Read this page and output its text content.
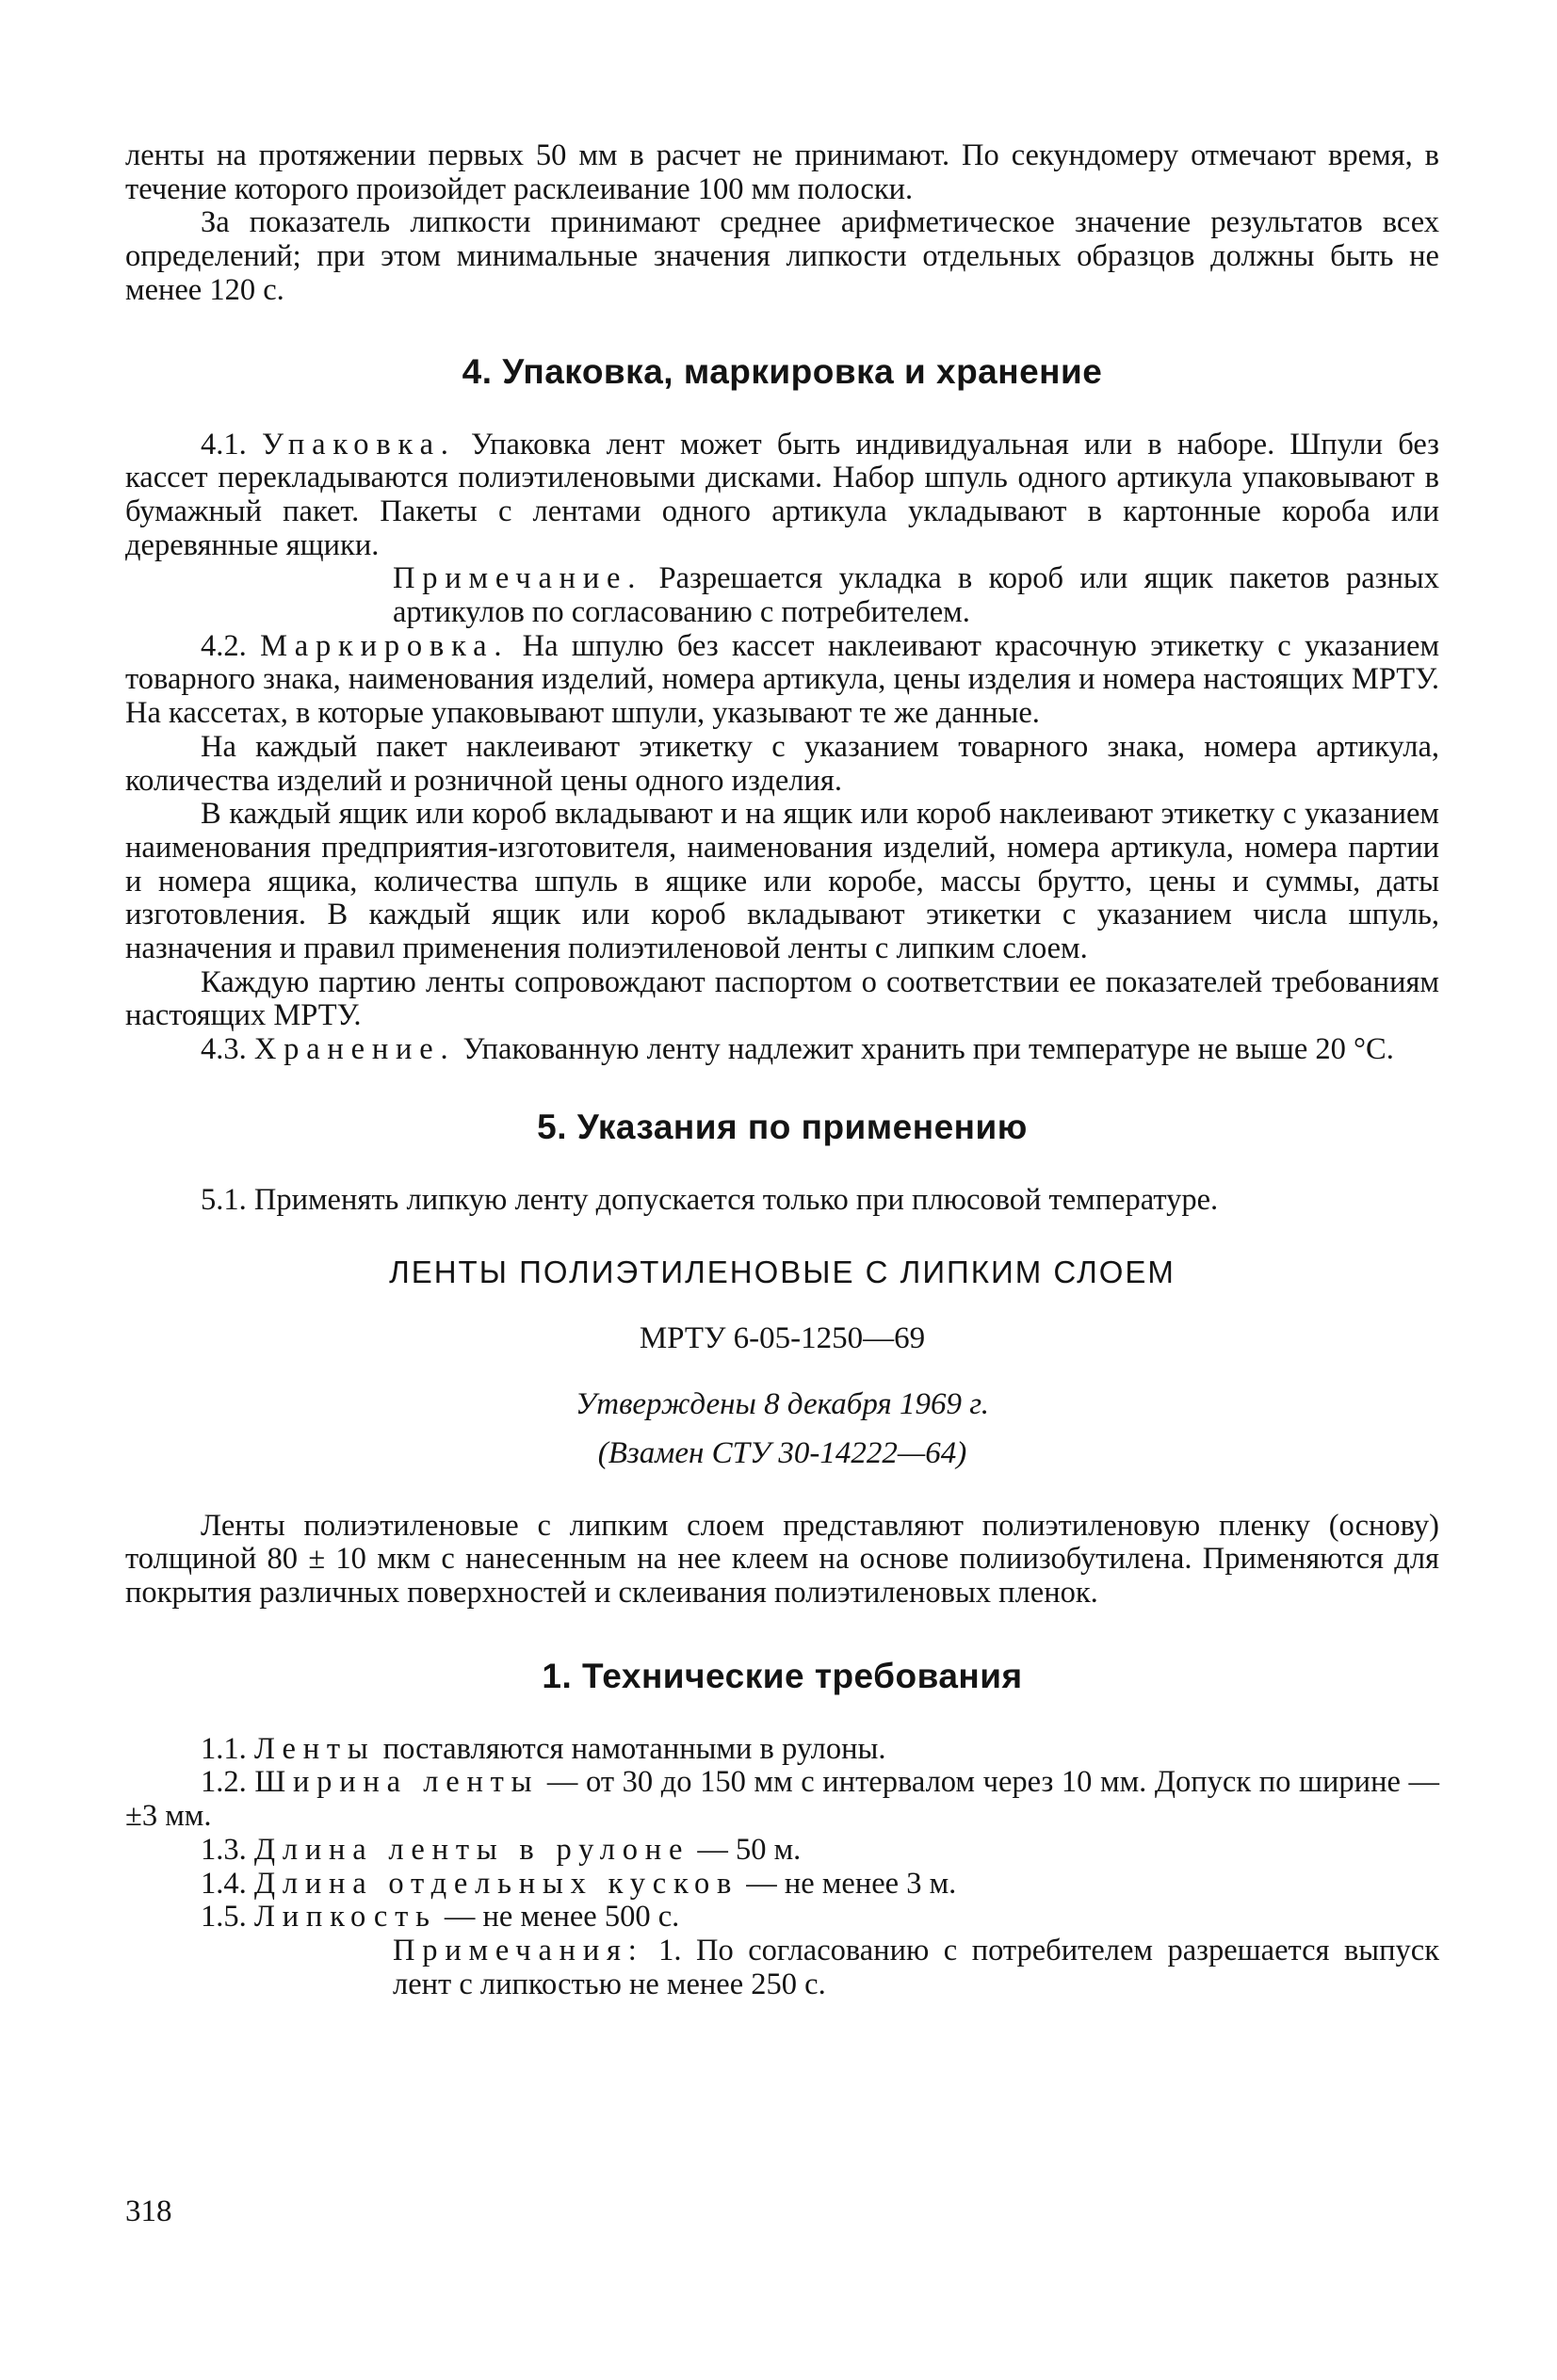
ленты на протяжении первых 50 мм в расчет не принимают. По секундомеру отмечают время, в течение которого произойдет расклеивание 100 мм полоски.

За показатель липкости принимают среднее арифметическое значение результатов всех определений; при этом минимальные значения липкости отдельных образцов должны быть не менее 120 с.

4. Упаковка, маркировка и хранение

4.1. Упаковка. Упаковка лент может быть индивидуальная или в наборе. Шпули без кассет перекладываются полиэтиленовыми дисками. Набор шпуль одного артикула упаковывают в бумажный пакет. Пакеты с лентами одного артикула укладывают в картонные короба или деревянные ящики.

Примечание. Разрешается укладка в короб или ящик пакетов разных артикулов по согласованию с потребителем.

4.2. Маркировка. На шпулю без кассет наклеивают красочную этикетку с указанием товарного знака, наименования изделий, номера артикула, цены изделия и номера настоящих МРТУ. На кассетах, в которые упаковывают шпули, указывают те же данные.

На каждый пакет наклеивают этикетку с указанием товарного знака, номера артикула, количества изделий и розничной цены одного изделия.

В каждый ящик или короб вкладывают и на ящик или короб наклеивают этикетку с указанием наименования предприятия-изготовителя, наименования изделий, номера артикула, номера партии и номера ящика, количества шпуль в ящике или коробе, массы брутто, цены и суммы, даты изготовления. В каждый ящик или короб вкладывают этикетки с указанием числа шпуль, назначения и правил применения полиэтиленовой ленты с липким слоем.

Каждую партию ленты сопровождают паспортом о соответствии ее показателей требованиям настоящих МРТУ.

4.3. Хранение. Упакованную ленту надлежит хранить при температуре не выше 20 °С.

5. Указания по применению

5.1. Применять липкую ленту допускается только при плюсовой температуре.

ЛЕНТЫ ПОЛИЭТИЛЕНОВЫЕ С ЛИПКИМ СЛОЕМ
МРТУ 6-05-1250—69
Утверждены 8 декабря 1969 г.
(Взамен СТУ 30-14222—64)

Ленты полиэтиленовые с липким слоем представляют полиэтиленовую пленку (основу) толщиной 80 ± 10 мкм с нанесенным на нее клеем на основе полиизобутилена. Применяются для покрытия различных поверхностей и склеивания полиэтиленовых пленок.

1. Технические требования

1.1. Ленты поставляются намотанными в рулоны.

1.2. Ширина ленты — от 30 до 150 мм с интервалом через 10 мм. Допуск по ширине — ±3 мм.

1.3. Длина ленты в рулоне — 50 м.

1.4. Длина отдельных кусков — не менее 3 м.

1.5. Липкость — не менее 500 с.

Примечания: 1. По согласованию с потребителем разрешается выпуск лент с липкостью не менее 250 с.

318
